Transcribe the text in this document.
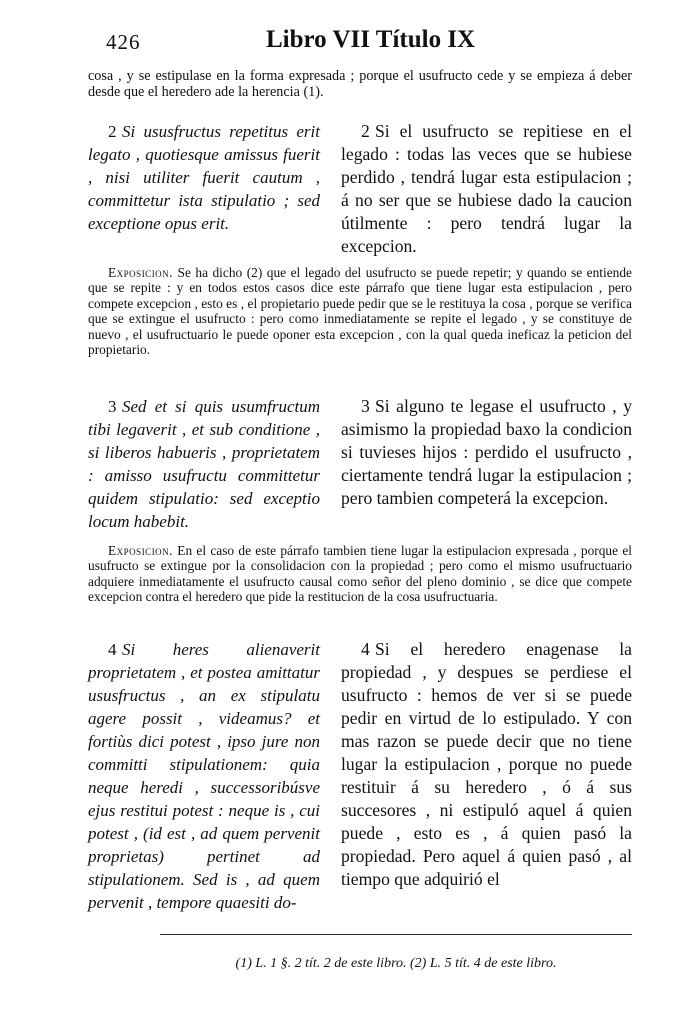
426	Libro VII Título IX
cosa , y se estipulase en la forma expresada ; porque el usufructo cede y se empieza á deber desde que el heredero ade la herencia (1).
2 Si ususfructus repetitus erit legato , quotiesque amissus fuerit , nisi utiliter fuerit cautum , committetur ista stipulatio ; sed exceptione opus erit.
2 Si el usufructo se repitiese en el legado : todas las veces que se hubiese perdido , tendrá lugar esta estipulacion ; á no ser que se hubiese dado la caucion útilmente : pero tendrá lugar la excepcion.
Exposicion. Se ha dicho (2) que el legado del usufructo se puede repetir; y quando se entiende que se repite : y en todos estos casos dice este párrafo que tiene lugar esta estipulacion , pero compete excepcion , esto es , el propietario puede pedir que se le restituya la cosa , porque se verifica que se extingue el usufructo : pero como inmediatamente se repite el legado , y se constituye de nuevo , el usufructuario le puede oponer esta excepcion , con la qual queda ineficaz la peticion del propietario.
3 Sed et si quis usumfructum tibi legaverit , et sub conditione , si liberos habueris , proprietatem : amisso usufructu committetur quidem stipulatio: sed exceptio locum habebit.
3 Si alguno te legase el usufructo , y asimismo la propiedad baxo la condicion si tuvieses hijos : perdido el usufructo , ciertamente tendrá lugar la estipulacion ; pero tambien competerá la excepcion.
Exposicion. En el caso de este párrafo tambien tiene lugar la estipulacion expresada , porque el usufructo se extingue por la consolidacion con la propiedad ; pero como el mismo usufructuario adquiere inmediatamente el usufructo causal como señor del pleno dominio , se dice que compete excepcion contra el heredero que pide la restitucion de la cosa usufructuaria.
4 Si heres alienaverit proprietatem , et postea amittatur ususfructus , an ex stipulatu agere possit , videamus? et fortiùs dici potest , ipso jure non committi stipulationem: quia neque heredi , successoribúsve ejus restitui potest : neque is , cui potest , (id est , ad quem pervenit proprietas) pertinet ad stipulationem. Sed is , ad quem pervenit , tempore quaesiti do-
4 Si el heredero enagenase la propiedad , y despues se perdiese el usufructo : hemos de ver si se puede pedir en virtud de lo estipulado. Y con mas razon se puede decir que no tiene lugar la estipulacion , porque no puede restituir á su heredero , ó á sus succesores , ni estipuló aquel á quien puede , esto es , á quien pasó la propiedad. Pero aquel á quien pasó , al tiempo que adquirió el
(1) L. 1 §. 2 tít. 2 de este libro. (2) L. 5 tít. 4 de este libro.
